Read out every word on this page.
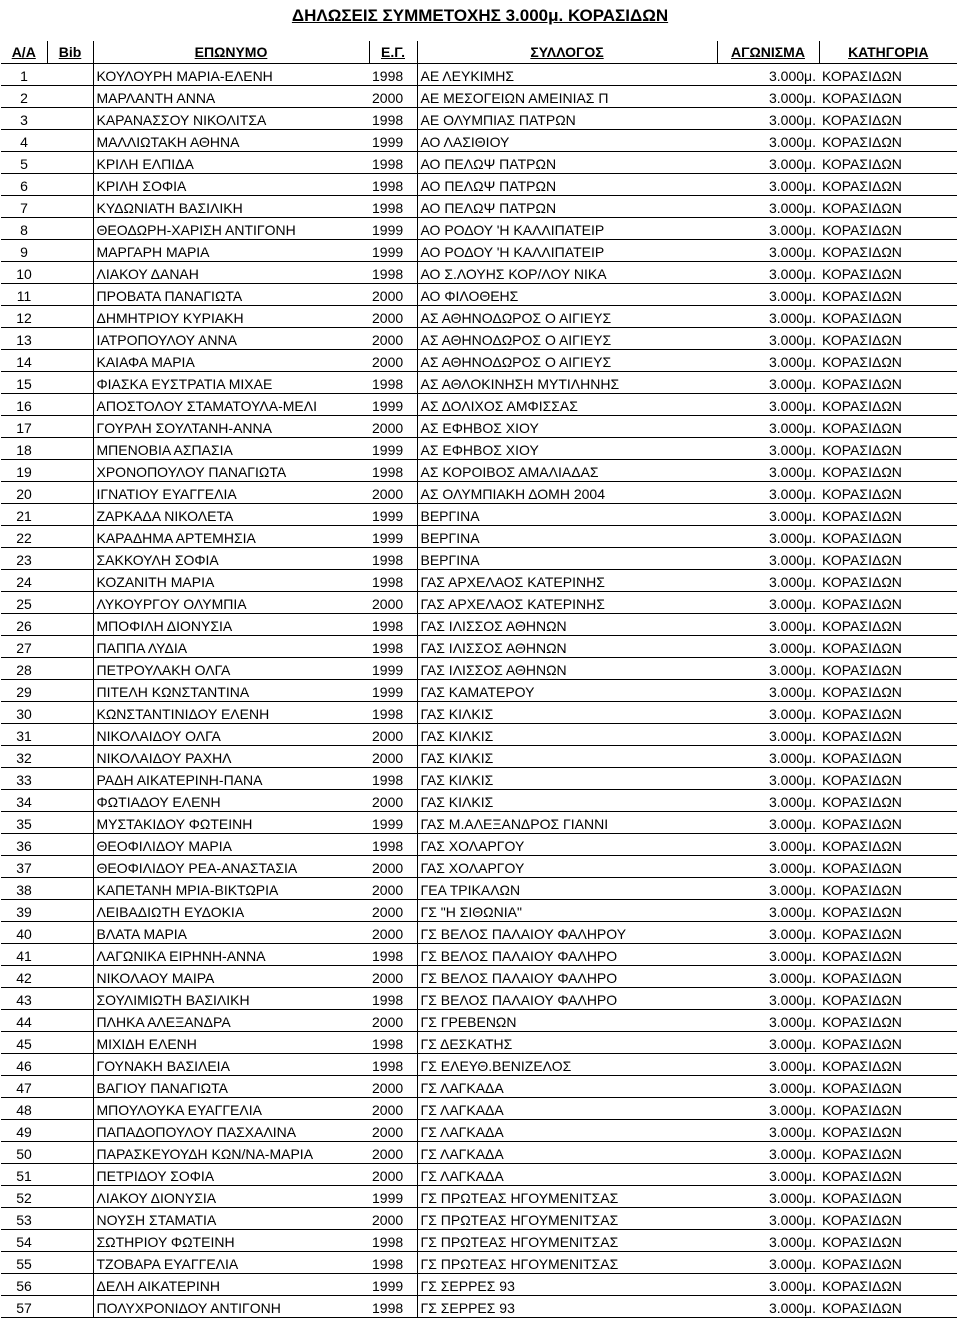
ΔΗΛΩΣΕΙΣ ΣΥΜΜΕΤΟΧΗΣ 3.000μ. ΚΟΡΑΣΙΔΩΝ
Α/Α	Bib	ΕΠΩΝΥΜΟ	Ε.Γ.	ΣΥΛΛΟΓΟΣ	ΑΓΩΝΙΣΜΑ	ΚΑΤΗΓΟΡΙΑ
1		ΚΟΥΛΟΥΡΗ ΜΑΡΙΑ-ΕΛΕΝΗ	1998	ΑΕ ΛΕΥΚΙΜΗΣ	3.000μ.	ΚΟΡΑΣΙΔΩΝ
2		ΜΑΡΛΑΝΤΗ ΑΝΝΑ	2000	ΑΕ ΜΕΣΟΓΕΙΩΝ ΑΜΕΙΝΙΑΣ Π	3.000μ.	ΚΟΡΑΣΙΔΩΝ
3		ΚΑΡΑΝΑΣΣΟΥ ΝΙΚΟΛΙΤΣΑ	1998	ΑΕ ΟΛΥΜΠΙΑΣ ΠΑΤΡΩΝ	3.000μ.	ΚΟΡΑΣΙΔΩΝ
4		ΜΑΛΛΙΩΤΑΚΗ ΑΘΗΝΑ	1999	ΑΟ ΛΑΣΙΘΙΟΥ	3.000μ.	ΚΟΡΑΣΙΔΩΝ
5		ΚΡΙΛΗ ΕΛΠΙΔΑ	1998	ΑΟ ΠΕΛΩΨ ΠΑΤΡΩΝ	3.000μ.	ΚΟΡΑΣΙΔΩΝ
6		ΚΡΙΛΗ ΣΟΦΙΑ	1998	ΑΟ ΠΕΛΩΨ ΠΑΤΡΩΝ	3.000μ.	ΚΟΡΑΣΙΔΩΝ
7		ΚΥΔΩΝΙΑΤΗ ΒΑΣΙΛΙΚΗ	1998	ΑΟ ΠΕΛΩΨ ΠΑΤΡΩΝ	3.000μ.	ΚΟΡΑΣΙΔΩΝ
8		ΘΕΟΔΩΡΗ-ΧΑΡΙΣΗ ΑΝΤΙΓΟΝΗ	1999	ΑΟ ΡΟΔΟΥ 'Η ΚΑΛΛΙΠΑΤΕΙΡ	3.000μ.	ΚΟΡΑΣΙΔΩΝ
9		ΜΑΡΓΑΡΗ ΜΑΡΙΑ	1999	ΑΟ ΡΟΔΟΥ 'Η ΚΑΛΛΙΠΑΤΕΙΡ	3.000μ.	ΚΟΡΑΣΙΔΩΝ
10		ΛΙΑΚΟΥ ΔΑΝΑΗ	1998	ΑΟ Σ.ΛΟΥΗΣ ΚΟΡ/ΛΟΥ ΝΙΚΑ	3.000μ.	ΚΟΡΑΣΙΔΩΝ
11		ΠΡΟΒΑΤΑ ΠΑΝΑΓΙΩΤΑ	2000	ΑΟ ΦΙΛΟΘΕΗΣ	3.000μ.	ΚΟΡΑΣΙΔΩΝ
12		ΔΗΜΗΤΡΙΟΥ ΚΥΡΙΑΚΗ	2000	ΑΣ ΑΘΗΝΟΔΩΡΟΣ Ο ΑΙΓΙΕΥΣ	3.000μ.	ΚΟΡΑΣΙΔΩΝ
13		ΙΑΤΡΟΠΟΥΛΟΥ ΑΝΝΑ	2000	ΑΣ ΑΘΗΝΟΔΩΡΟΣ Ο ΑΙΓΙΕΥΣ	3.000μ.	ΚΟΡΑΣΙΔΩΝ
14		ΚΑΙΑΦΑ ΜΑΡΙΑ	2000	ΑΣ ΑΘΗΝΟΔΩΡΟΣ Ο ΑΙΓΙΕΥΣ	3.000μ.	ΚΟΡΑΣΙΔΩΝ
15		ΦΙΑΣΚΑ ΕΥΣΤΡΑΤΙΑ ΜΙΧΑΕ	1998	ΑΣ ΑΘΛΟΚΙΝΗΣΗ ΜΥΤΙΛΗΝΗΣ	3.000μ.	ΚΟΡΑΣΙΔΩΝ
16		ΑΠΟΣΤΟΛΟΥ ΣΤΑΜΑΤΟΥΛΑ-ΜΕΛΙ	1999	ΑΣ ΔΟΛΙΧΟΣ ΑΜΦΙΣΣΑΣ	3.000μ.	ΚΟΡΑΣΙΔΩΝ
17		ΓΟΥΡΛΗ ΣΟΥΛΤΑΝΗ-ΑΝΝΑ	2000	ΑΣ ΕΦΗΒΟΣ ΧΙΟΥ	3.000μ.	ΚΟΡΑΣΙΔΩΝ
18		ΜΠΕΝΟΒΙΑ ΑΣΠΑΣΙΑ	1999	ΑΣ ΕΦΗΒΟΣ ΧΙΟΥ	3.000μ.	ΚΟΡΑΣΙΔΩΝ
19		ΧΡΟΝΟΠΟΥΛΟΥ ΠΑΝΑΓΙΩΤΑ	1998	ΑΣ ΚΟΡΟΙΒΟΣ ΑΜΑΛΙΑΔΑΣ	3.000μ.	ΚΟΡΑΣΙΔΩΝ
20		ΙΓΝΑΤΙΟΥ ΕΥΑΓΓΕΛΙΑ	2000	ΑΣ ΟΛΥΜΠΙΑΚΗ ΔΟΜΗ 2004	3.000μ.	ΚΟΡΑΣΙΔΩΝ
21		ΖΑΡΚΑΔΑ ΝΙΚΟΛΕΤΑ	1999	ΒΕΡΓΙΝΑ	3.000μ.	ΚΟΡΑΣΙΔΩΝ
22		ΚΑΡΑΔΗΜΑ ΑΡΤΕΜΗΣΙΑ	1999	ΒΕΡΓΙΝΑ	3.000μ.	ΚΟΡΑΣΙΔΩΝ
23		ΣΑΚΚΟΥΛΗ ΣΟΦΙΑ	1998	ΒΕΡΓΙΝΑ	3.000μ.	ΚΟΡΑΣΙΔΩΝ
24		ΚΟΖΑΝΙΤΗ ΜΑΡΙΑ	1998	ΓΑΣ ΑΡΧΕΛΑΟΣ ΚΑΤΕΡΙΝΗΣ	3.000μ.	ΚΟΡΑΣΙΔΩΝ
25		ΛΥΚΟΥΡΓΟΥ ΟΛΥΜΠΙΑ	2000	ΓΑΣ ΑΡΧΕΛΑΟΣ ΚΑΤΕΡΙΝΗΣ	3.000μ.	ΚΟΡΑΣΙΔΩΝ
26		ΜΠΟΦΙΛΗ ΔΙΟΝΥΣΙΑ	1998	ΓΑΣ ΙΛΙΣΣΟΣ ΑΘΗΝΩΝ	3.000μ.	ΚΟΡΑΣΙΔΩΝ
27		ΠΑΠΠΑ ΛΥΔΙΑ	1998	ΓΑΣ ΙΛΙΣΣΟΣ ΑΘΗΝΩΝ	3.000μ.	ΚΟΡΑΣΙΔΩΝ
28		ΠΕΤΡΟΥΛΑΚΗ ΟΛΓΑ	1999	ΓΑΣ ΙΛΙΣΣΟΣ ΑΘΗΝΩΝ	3.000μ.	ΚΟΡΑΣΙΔΩΝ
29		ΠΙΤΕΛΗ ΚΩΝΣΤΑΝΤΙΝΑ	1999	ΓΑΣ ΚΑΜΑΤΕΡΟΥ	3.000μ.	ΚΟΡΑΣΙΔΩΝ
30		ΚΩΝΣΤΑΝΤΙΝΙΔΟΥ ΕΛΕΝΗ	1998	ΓΑΣ ΚΙΛΚΙΣ	3.000μ.	ΚΟΡΑΣΙΔΩΝ
31		ΝΙΚΟΛΑΙΔΟΥ ΟΛΓΑ	2000	ΓΑΣ ΚΙΛΚΙΣ	3.000μ.	ΚΟΡΑΣΙΔΩΝ
32		ΝΙΚΟΛΑΙΔΟΥ ΡΑΧΗΛ	2000	ΓΑΣ ΚΙΛΚΙΣ	3.000μ.	ΚΟΡΑΣΙΔΩΝ
33		ΡΑΔΗ ΑΙΚΑΤΕΡΙΝΗ-ΠΑΝΑ	1998	ΓΑΣ ΚΙΛΚΙΣ	3.000μ.	ΚΟΡΑΣΙΔΩΝ
34		ΦΩΤΙΑΔΟΥ ΕΛΕΝΗ	2000	ΓΑΣ ΚΙΛΚΙΣ	3.000μ.	ΚΟΡΑΣΙΔΩΝ
35		ΜΥΣΤΑΚΙΔΟΥ ΦΩΤΕΙΝΗ	1999	ΓΑΣ Μ.ΑΛΕΞΑΝΔΡΟΣ ΓΙΑΝΝΙ	3.000μ.	ΚΟΡΑΣΙΔΩΝ
36		ΘΕΟΦΙΛΙΔΟΥ ΜΑΡΙΑ	1998	ΓΑΣ ΧΟΛΑΡΓΟΥ	3.000μ.	ΚΟΡΑΣΙΔΩΝ
37		ΘΕΟΦΙΛΙΔΟΥ ΡΕΑ-ΑΝΑΣΤΑΣΙΑ	2000	ΓΑΣ ΧΟΛΑΡΓΟΥ	3.000μ.	ΚΟΡΑΣΙΔΩΝ
38		ΚΑΠΕΤΑΝΗ ΜΡΙΑ-ΒΙΚΤΩΡΙΑ	2000	ΓΕΑ ΤΡΙΚΑΛΩΝ	3.000μ.	ΚΟΡΑΣΙΔΩΝ
39		ΛΕΙΒΑΔΙΩΤΗ ΕΥΔΟΚΙΑ	2000	ΓΣ "Η ΣΙΘΩΝΙΑ"	3.000μ.	ΚΟΡΑΣΙΔΩΝ
40		ΒΛΑΤΑ ΜΑΡΙΑ	2000	ΓΣ ΒΕΛΟΣ ΠΑΛΑΙΟΥ ΦΑΛΗΡΟΥ	3.000μ.	ΚΟΡΑΣΙΔΩΝ
41		ΛΑΓΩΝΙΚΑ ΕΙΡΗΝΗ-ΑΝΝΑ	1998	ΓΣ ΒΕΛΟΣ ΠΑΛΑΙΟΥ ΦΑΛΗΡΟ	3.000μ.	ΚΟΡΑΣΙΔΩΝ
42		ΝΙΚΟΛΑΟΥ ΜΑΙΡΑ	2000	ΓΣ ΒΕΛΟΣ ΠΑΛΑΙΟΥ ΦΑΛΗΡΟ	3.000μ.	ΚΟΡΑΣΙΔΩΝ
43		ΣΟΥΛΙΜΙΩΤΗ ΒΑΣΙΛΙΚΗ	1998	ΓΣ ΒΕΛΟΣ ΠΑΛΑΙΟΥ ΦΑΛΗΡΟ	3.000μ.	ΚΟΡΑΣΙΔΩΝ
44		ΠΛΗΚΑ ΑΛΕΞΑΝΔΡΑ	2000	ΓΣ ΓΡΕΒΕΝΩΝ	3.000μ.	ΚΟΡΑΣΙΔΩΝ
45		ΜΙΧΙΔΗ ΕΛΕΝΗ	1998	ΓΣ ΔΕΣΚΑΤΗΣ	3.000μ.	ΚΟΡΑΣΙΔΩΝ
46		ΓΟΥΝΑΚΗ ΒΑΣΙΛΕΙΑ	1998	ΓΣ ΕΛΕΥΘ.ΒΕΝΙΖΕΛΟΣ	3.000μ.	ΚΟΡΑΣΙΔΩΝ
47		ΒΑΓΙΟΥ ΠΑΝΑΓΙΩΤΑ	2000	ΓΣ ΛΑΓΚΑΔΑ	3.000μ.	ΚΟΡΑΣΙΔΩΝ
48		ΜΠΟΥΛΟΥΚΑ ΕΥΑΓΓΕΛΙΑ	2000	ΓΣ ΛΑΓΚΑΔΑ	3.000μ.	ΚΟΡΑΣΙΔΩΝ
49		ΠΑΠΑΔΟΠΟΥΛΟΥ ΠΑΣΧΑΛΙΝΑ	2000	ΓΣ ΛΑΓΚΑΔΑ	3.000μ.	ΚΟΡΑΣΙΔΩΝ
50		ΠΑΡΑΣΚΕΥΟΥΔΗ ΚΩΝ/ΝΑ-ΜΑΡΙΑ	2000	ΓΣ ΛΑΓΚΑΔΑ	3.000μ.	ΚΟΡΑΣΙΔΩΝ
51		ΠΕΤΡΙΔΟΥ ΣΟΦΙΑ	2000	ΓΣ ΛΑΓΚΑΔΑ	3.000μ.	ΚΟΡΑΣΙΔΩΝ
52		ΛΙΑΚΟΥ ΔΙΟΝΥΣΙΑ	1999	ΓΣ ΠΡΩΤΕΑΣ ΗΓΟΥΜΕΝΙΤΣΑΣ	3.000μ.	ΚΟΡΑΣΙΔΩΝ
53		ΝΟΥΣΗ ΣΤΑΜΑΤΙΑ	2000	ΓΣ ΠΡΩΤΕΑΣ ΗΓΟΥΜΕΝΙΤΣΑΣ	3.000μ.	ΚΟΡΑΣΙΔΩΝ
54		ΣΩΤΗΡΙΟΥ ΦΩΤΕΙΝΗ	1998	ΓΣ ΠΡΩΤΕΑΣ ΗΓΟΥΜΕΝΙΤΣΑΣ	3.000μ.	ΚΟΡΑΣΙΔΩΝ
55		ΤΖΟΒΑΡΑ ΕΥΑΓΓΕΛΙΑ	1998	ΓΣ ΠΡΩΤΕΑΣ ΗΓΟΥΜΕΝΙΤΣΑΣ	3.000μ.	ΚΟΡΑΣΙΔΩΝ
56		ΔΕΛΗ ΑΙΚΑΤΕΡΙΝΗ	1999	ΓΣ ΣΕΡΡΕΣ 93	3.000μ.	ΚΟΡΑΣΙΔΩΝ
57		ΠΟΛΥΧΡΟΝΙΔΟΥ ΑΝΤΙΓΟΝΗ	1998	ΓΣ ΣΕΡΡΕΣ 93	3.000μ.	ΚΟΡΑΣΙΔΩΝ
